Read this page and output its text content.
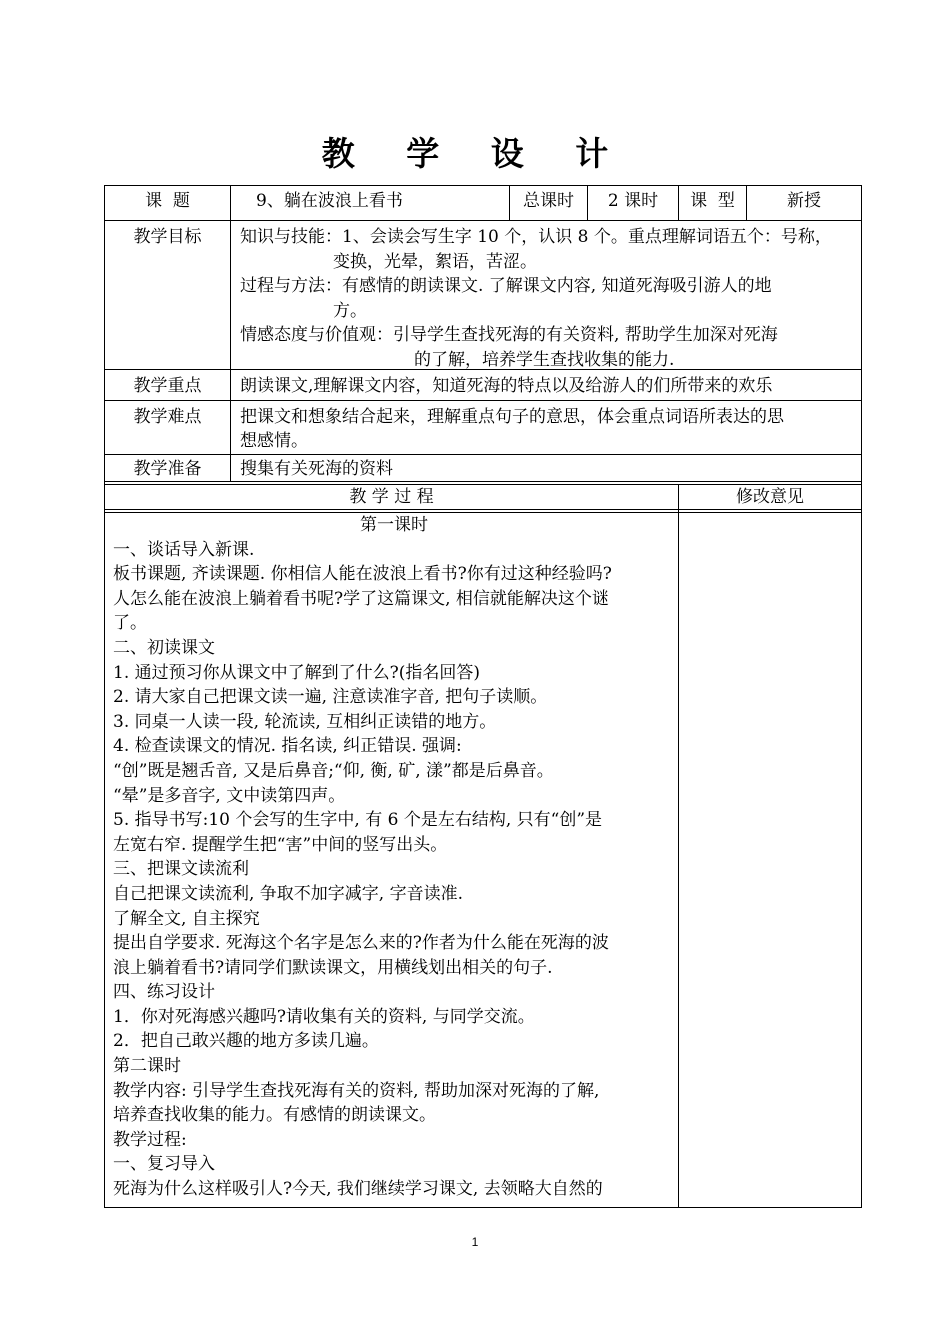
教 学 设 计
课  题	9、躺在波浪上看书	总课时	2 课时	课  型	新授
教学目标	知识与技能：1、会读会写生字 10 个，认识 8 个。重点理解词语五个：号称，
变换，光晕，絮语，苦涩。
过程与方法：有感情的朗读课文. 了解课文内容, 知道死海吸引游人的地
方。
情感态度与价值观：引导学生查找死海的有关资料, 帮助学生加深对死海
的了解，培养学生查找收集的能力.
教学重点	朗读课文,理解课文内容，知道死海的特点以及给游人的们所带来的欢乐
教学难点	把课文和想象结合起来，理解重点句子的意思，体会重点词语所表达的思
想感情。
教学准备	搜集有关死海的资料
教 学 过 程	修改意见
第一课时
一、谈话导入新课.
板书课题, 齐读课题. 你相信人能在波浪上看书?你有过这种经验吗?
人怎么能在波浪上躺着看书呢?学了这篇课文, 相信就能解决这个谜
了。
二、初读课文
1. 通过预习你从课文中了解到了什么?(指名回答)
2. 请大家自己把课文读一遍, 注意读准字音, 把句子读顺。
3. 同桌一人读一段, 轮流读, 互相纠正读错的地方。
4. 检查读课文的情况. 指名读, 纠正错误. 强调:
“创”既是翘舌音, 又是后鼻音;“仰, 衡, 矿, 漾”都是后鼻音。
“晕”是多音字, 文中读第四声。
5. 指导书写:10 个会写的生字中, 有 6 个是左右结构, 只有“创”是
左宽右窄. 提醒学生把“害”中间的竖写出头。
三、把课文读流利
自己把课文读流利, 争取不加字减字, 字音读准.
了解全文, 自主探究
提出自学要求. 死海这个名字是怎么来的?作者为什么能在死海的波
浪上躺着看书?请同学们默读课文，用横线划出相关的句子.
四、练习设计
1．你对死海感兴趣吗?请收集有关的资料, 与同学交流。
2．把自己敢兴趣的地方多读几遍。
第二课时
教学内容: 引导学生查找死海有关的资料, 帮助加深对死海的了解,
培养查找收集的能力。有感情的朗读课文。
教学过程:
一、复习导入
死海为什么这样吸引人?今天, 我们继续学习课文, 去领略大自然的
1
